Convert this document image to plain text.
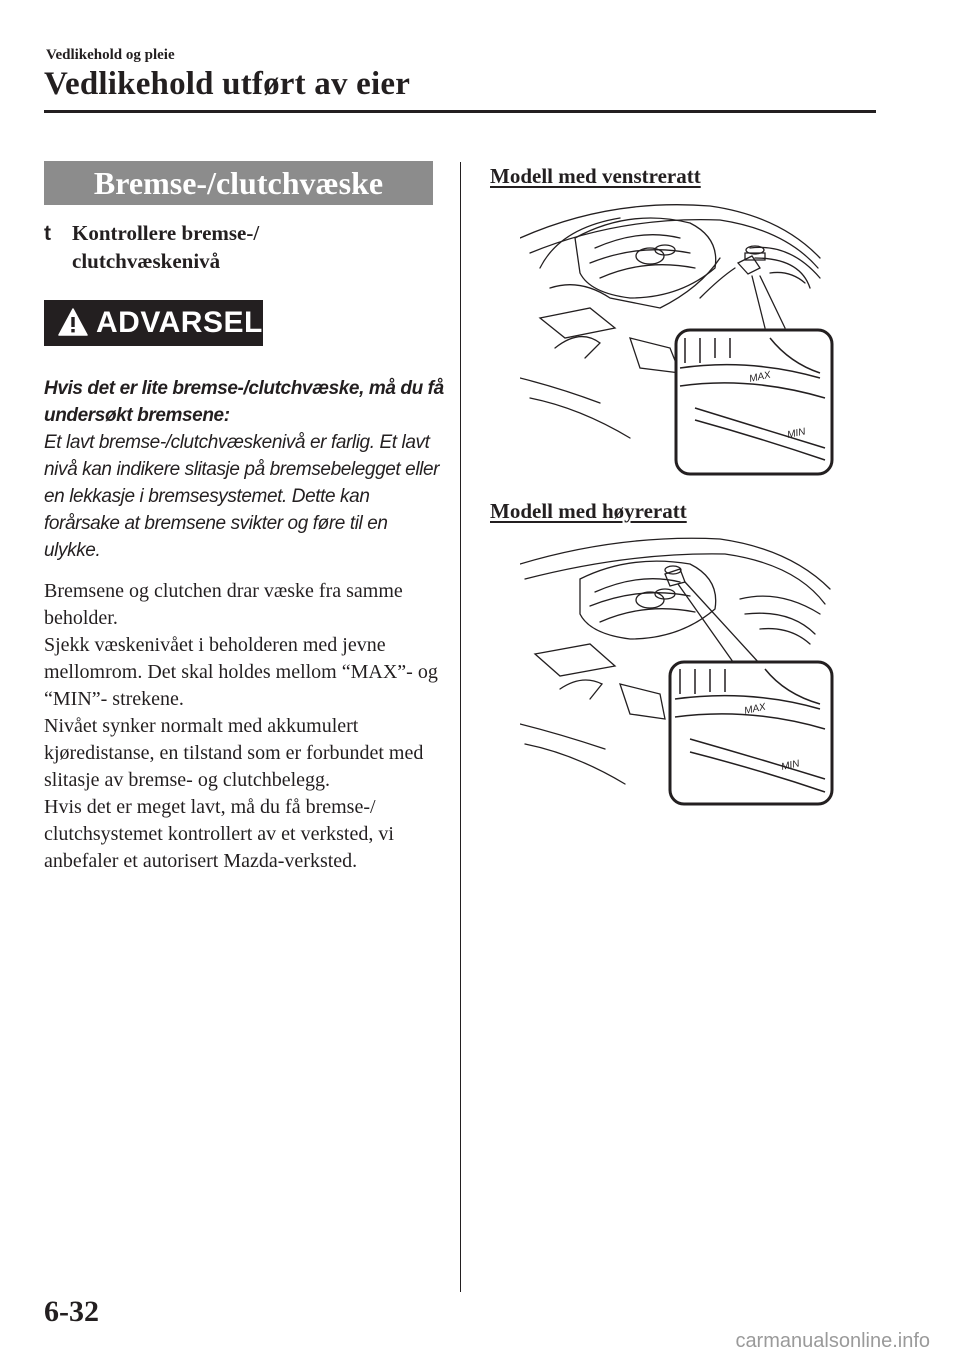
Vedlikehold og pleie
Vedlikehold utført av eier
Bremse-/clutchvæske
t Kontrollere bremse-/ clutchvæskenivå
ADVARSEL
Hvis det er lite bremse-/clutchvæske, må du få undersøkt bremsene:
Et lavt bremse-/clutchvæskenivå er farlig. Et lavt nivå kan indikere slitasje på bremsebelegget eller en lekkasje i bremsesystemet. Dette kan forårsake at bremsene svikter og føre til en ulykke.

Bremsene og clutchen drar væske fra samme beholder.

Sjekk væskenivået i beholderen med jevne mellomrom. Det skal holdes mellom “MAX”- og “MIN”- strekene.

Nivået synker normalt med akkumulert kjøredistanse, en tilstand som er forbundet med slitasje av bremse- og clutchbelegg.

Hvis det er meget lavt, må du få bremse-/ clutchsystemet kontrollert av et verksted, vi anbefaler et autorisert Mazda-verksted.

Modell med venstreratt
MAX
MIN
Modell med høyreratt
MAX
MIN
6-32
carmanualsonline.info
